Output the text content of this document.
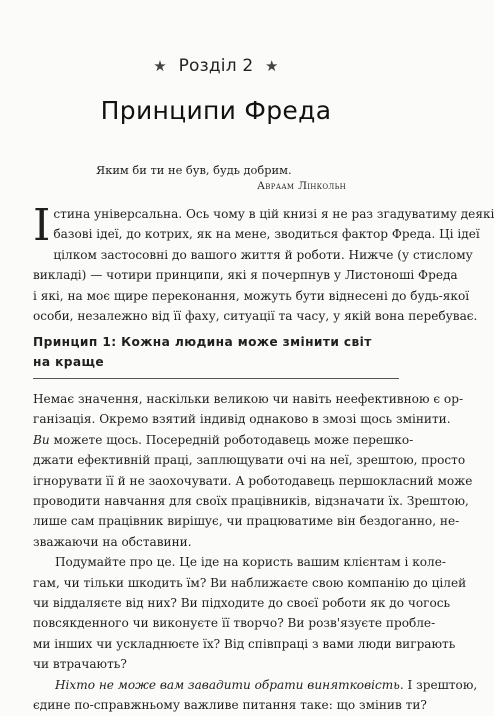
★ Розділ 2 ★
Принципи Фреда
Яким би ти не був, будь добрим.
Авраам Лінкольн
І стина універсальна. Ось чому в цій книзі я не раз згадуватиму деякі
базові ідеї, до котрих, як на мене, зводиться фактор Фреда. Ці ідеї
цілком застосовні до вашого життя й роботи. Нижче (у стислому
викладі) — чотири принципи, які я почерпнув у Листоноші Фреда
і які, на моє щире переконання, можуть бути віднесені до будь-якої
особи, незалежно від її фаху, ситуації та часу, у якій вона перебуває.
Принцип 1: Кожна людина може змінити світ
на краще
Немає значення, наскільки великою чи навіть неефективною є ор-
ганізація. Окремо взятий індивід однаково в змозі щось змінити.
Ви можете щось. Посередній роботодавець може перешко-
джати ефективній праці, заплющувати очі на неї, зрештою, просто
ігнорувати її й не заохочувати. А роботодавець першокласний може
проводити навчання для своїх працівників, відзначати їх. Зрештою,
лише сам працівник вирішує, чи працюватиме він бездоганно, не-
зважаючи на обставини.
Подумайте про це. Це іде на користь вашим клієнтам і коле-
гам, чи тільки шкодить їм? Ви наближаєте свою компанію до цілей
чи віддаляєте від них? Ви підходите до своєї роботи як до чогось
повсякденного чи виконуєте її творчо? Ви розв'язуєте пробле-
ми інших чи ускладнюєте їх? Від співпраці з вами люди виграють
чи втрачають?
Ніхто не може вам завадити обрати винятковість. І зрештою,
єдине по-справжньому важливе питання таке: що змінив ти?
